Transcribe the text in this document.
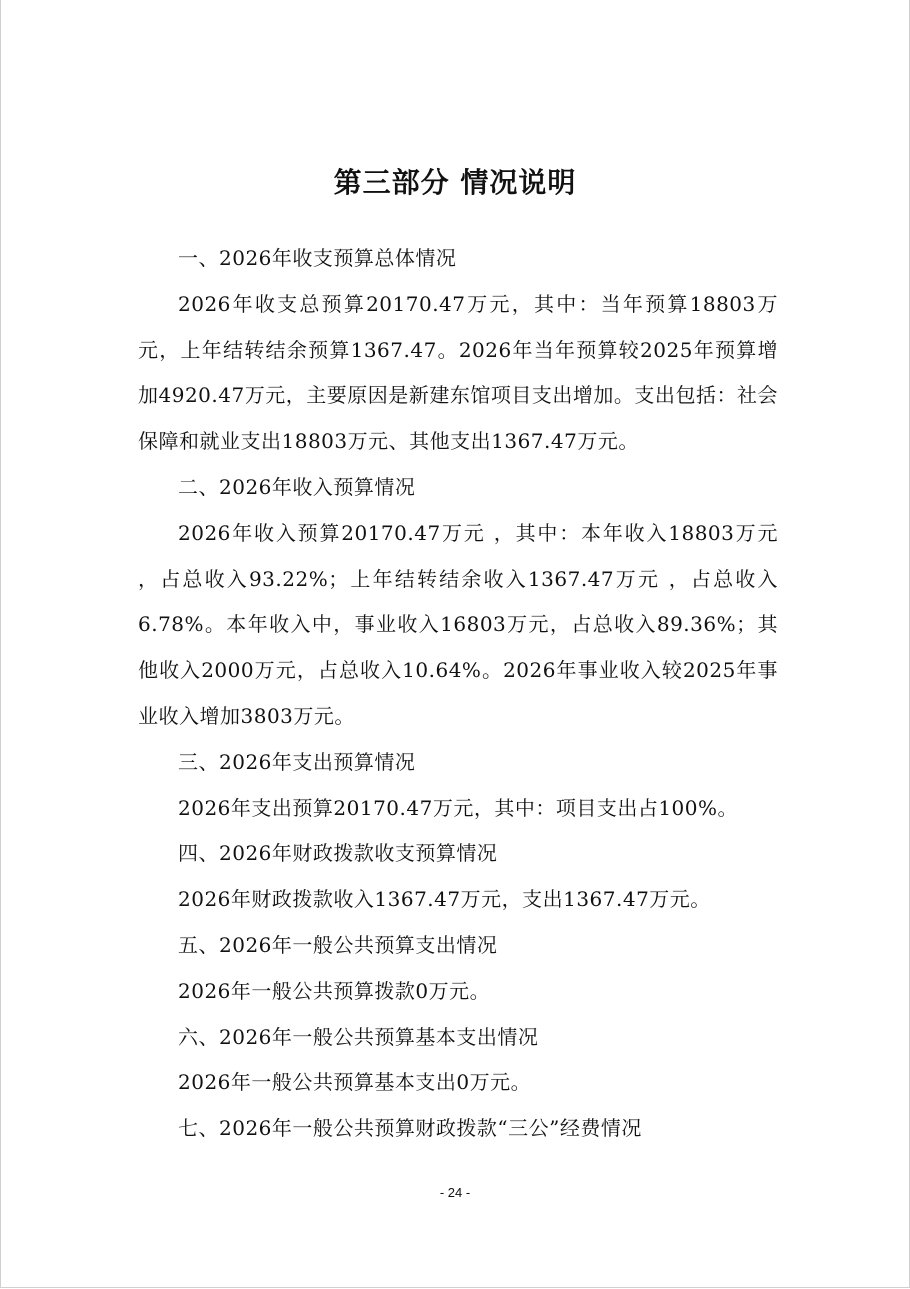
第三部分 情况说明

一、2026年收支预算总体情况

2026年收支总预算20170.47万元，其中：当年预算18803万元，上年结转结余预算1367.47。2026年当年预算较2025年预算增加4920.47万元，主要原因是新建东馆项目支出增加。支出包括：社会保障和就业支出18803万元、其他支出1367.47万元。

二、2026年收入预算情况

2026年收入预算20170.47万元 ，其中：本年收入18803万元 ，占总收入93.22%；上年结转结余收入1367.47万元 ，占总收入6.78%。本年收入中，事业收入16803万元，占总收入89.36%；其他收入2000万元，占总收入10.64%。2026年事业收入较2025年事业收入增加3803万元。

三、2026年支出预算情况

2026年支出预算20170.47万元，其中：项目支出占100%。

四、2026年财政拨款收支预算情况

2026年财政拨款收入1367.47万元，支出1367.47万元。

五、2026年一般公共预算支出情况

2026年一般公共预算拨款0万元。

六、2026年一般公共预算基本支出情况

2026年一般公共预算基本支出0万元。

七、2026年一般公共预算财政拨款“三公”经费情况

- 24 -
